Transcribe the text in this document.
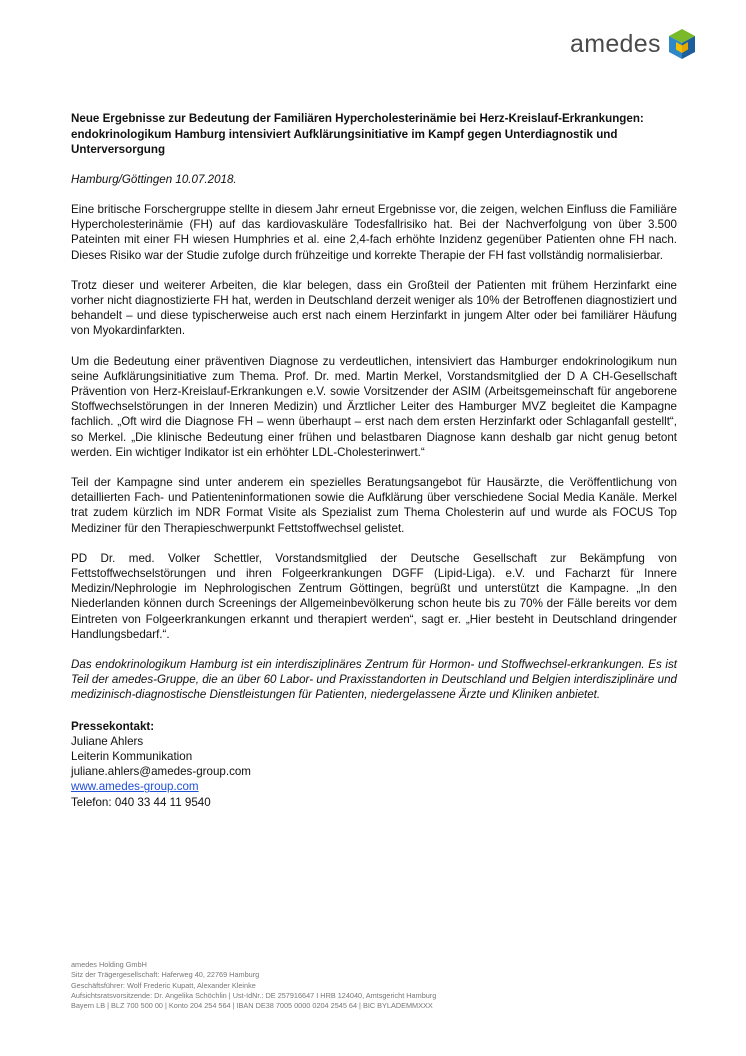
amedes
Neue Ergebnisse zur Bedeutung der Familiären Hypercholesterinämie bei Herz-Kreislauf-Erkrankungen: endokrinologikum Hamburg intensiviert Aufklärungsinitiative im Kampf gegen Unterdiagnostik und Unterversorgung
Hamburg/Göttingen 10.07.2018.

Eine britische Forschergruppe stellte in diesem Jahr erneut Ergebnisse vor, die zeigen, welchen Einfluss die Familiäre Hypercholesterinämie (FH) auf das kardiovaskuläre Todesfallrisiko hat. Bei der Nachverfolgung von über 3.500 Pateinten mit einer FH wiesen Humphries et al. eine 2,4-fach erhöhte Inzidenz gegenüber Patienten ohne FH nach. Dieses Risiko war der Studie zufolge durch frühzeitige und korrekte Therapie der FH fast vollständig normalisierbar.

Trotz dieser und weiterer Arbeiten, die klar belegen, dass ein Großteil der Patienten mit frühem Herzinfarkt eine vorher nicht diagnostizierte FH hat, werden in Deutschland derzeit weniger als 10% der Betroffenen diagnostiziert und behandelt – und diese typischerweise auch erst nach einem Herzinfarkt in jungem Alter oder bei familiärer Häufung von Myokardinfarkten.

Um die Bedeutung einer präventiven Diagnose zu verdeutlichen, intensiviert das Hamburger endokrinologikum nun seine Aufklärungsinitiative zum Thema. Prof. Dr. med. Martin Merkel, Vorstandsmitglied der D A CH-Gesellschaft Prävention von Herz-Kreislauf-Erkrankungen e.V. sowie Vorsitzender der ASIM (Arbeitsgemeinschaft für angeborene Stoffwechselstörungen in der Inneren Medizin) und Ärztlicher Leiter des Hamburger MVZ begleitet die Kampagne fachlich. „Oft wird die Diagnose FH – wenn überhaupt – erst nach dem ersten Herzinfarkt oder Schlaganfall gestellt“, so Merkel. „Die klinische Bedeutung einer frühen und belastbaren Diagnose kann deshalb gar nicht genug betont werden. Ein wichtiger Indikator ist ein erhöhter LDL-Cholesterinwert.“

Teil der Kampagne sind unter anderem ein spezielles Beratungsangebot für Hausärzte, die Veröffentlichung von detaillierten Fach- und Patienteninformationen sowie die Aufklärung über verschiedene Social Media Kanäle. Merkel trat zudem kürzlich im NDR Format Visite als Spezialist zum Thema Cholesterin auf und wurde als FOCUS Top Mediziner für den Therapieschwerpunkt Fettstoffwechsel gelistet.

PD Dr. med. Volker Schettler, Vorstandsmitglied der Deutsche Gesellschaft zur Bekämpfung von Fettstoffwechselstörungen und ihren Folgeerkrankungen DGFF (Lipid-Liga). e.V. und Facharzt für Innere Medizin/Nephrologie im Nephrologischen Zentrum Göttingen, begrüßt und unterstützt die Kampagne. „In den Niederlanden können durch Screenings der Allgemeinbevölkerung schon heute bis zu 70% der Fälle bereits vor dem Eintreten von Folgeerkrankungen erkannt und therapiert werden“, sagt er. „Hier besteht in Deutschland dringender Handlungsbedarf.“.

Das endokrinologikum Hamburg ist ein interdisziplinäres Zentrum für Hormon- und Stoffwechsel-erkrankungen. Es ist Teil der amedes-Gruppe, die an über 60 Labor- und Praxisstandorten in Deutschland und Belgien interdisziplinäre und medizinisch-diagnostische Dienstleistungen für Patienten, niedergelassene Ärzte und Kliniken anbietet.

Pressekontakt:
Juliane Ahlers
Leiterin Kommunikation
juliane.ahlers@amedes-group.com
www.amedes-group.com
Telefon: 040 33 44 11 9540
amedes Holding GmbH
Sitz der Trägergesellschaft: Haferweg 40, 22769 Hamburg
Geschäftsführer: Wolf Frederic Kupatt, Alexander Kleinke
Aufsichtsratsvorsitzende: Dr. Angelika Schöchlin | Ust-IdNr.: DE 257916647 I HRB 124040, Amtsgericht Hamburg
Bayern LB | BLZ 700 500 00 | Konto 204 254 564 | IBAN DE38 7005 0000 0204 2545 64 | BIC BYLADEMMXXX
